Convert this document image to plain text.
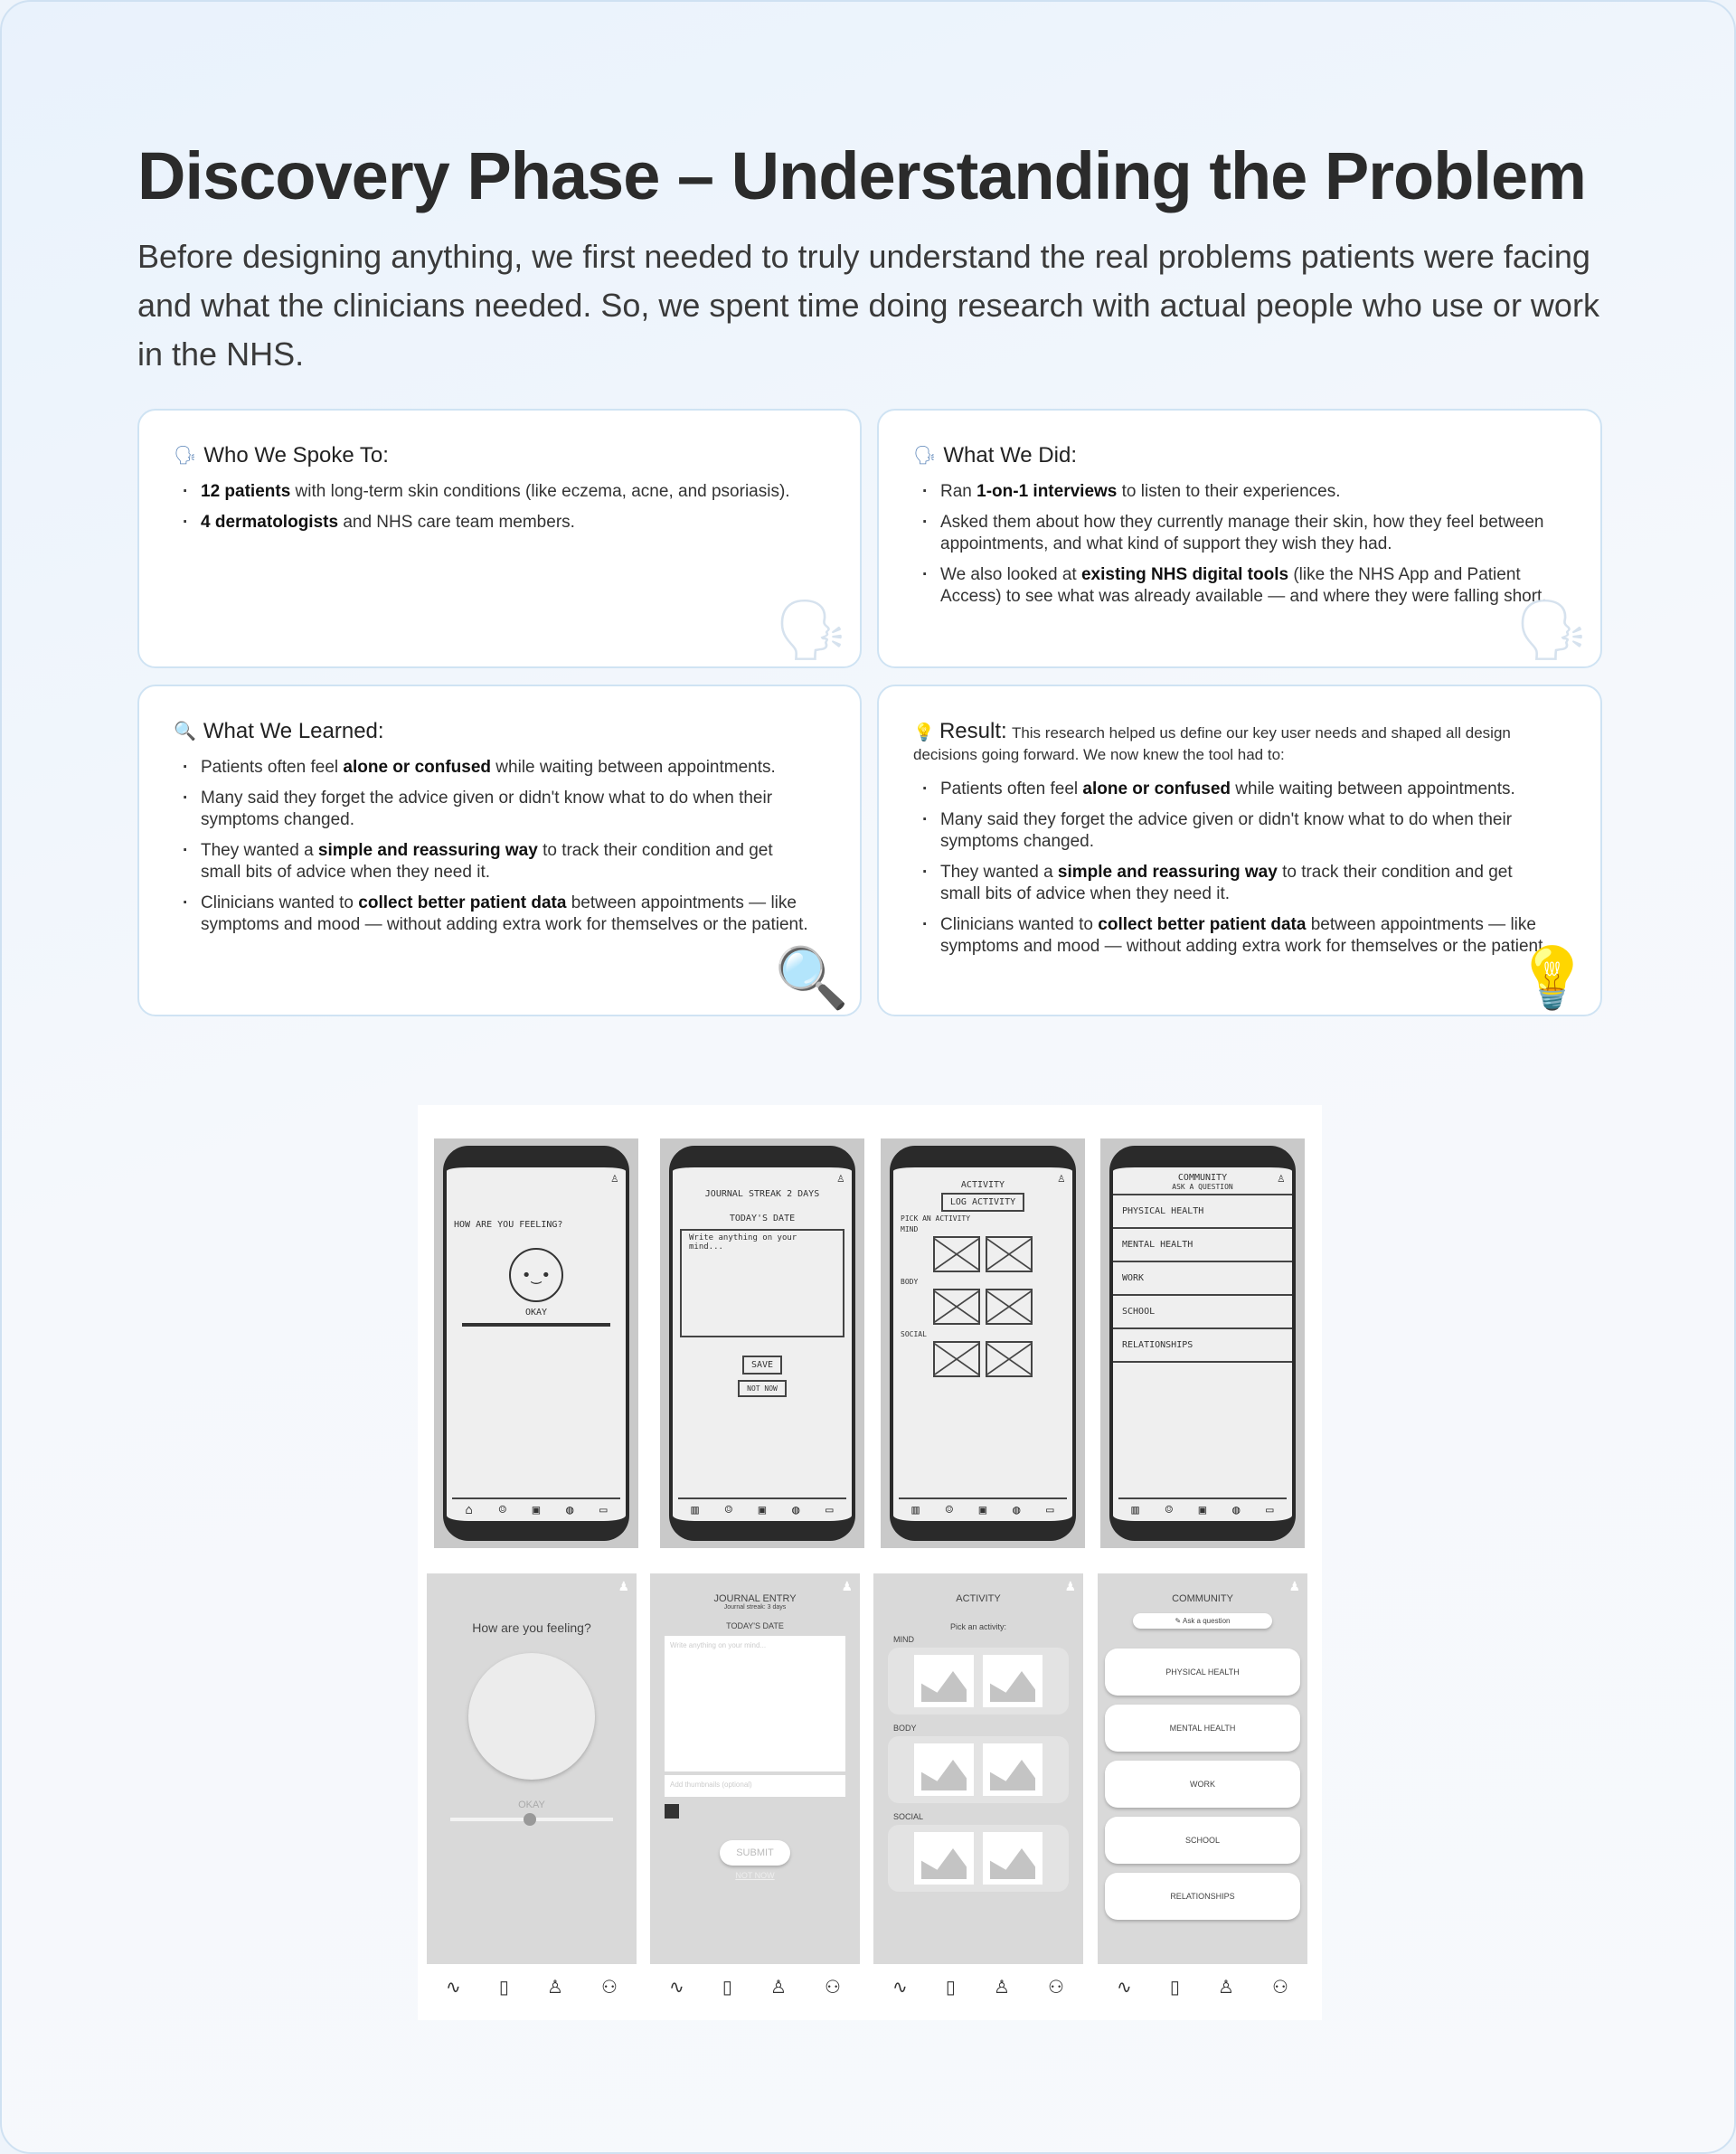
Discovery Phase – Understanding the Problem

Before designing anything, we first needed to truly understand the real problems patients were facing and what the clinicians needed. So, we spent time doing research with actual people who use or work in the NHS.

🗣 Who We Spoke To:
· 12 patients with long-term skin conditions (like eczema, acne, and psoriasis).
· 4 dermatologists and NHS care team members.
🗣
🗣 What We Did:
· Ran 1-on-1 interviews to listen to their experiences.
· Asked them about how they currently manage their skin, how they feel between appointments, and what kind of support they wish they had.
· We also looked at existing NHS digital tools (like the NHS App and Patient Access) to see what was already available — and where they were falling short.
🗣
🔍 What We Learned:
· Patients often feel alone or confused while waiting between appointments.
· Many said they forget the advice given or didn't know what to do when their symptoms changed.
· They wanted a simple and reassuring way to track their condition and get small bits of advice when they need it.
· Clinicians wanted to collect better patient data between appointments — like symptoms and mood — without adding extra work for themselves or the patient.
🔍

💡 Result: This research helped us define our key user needs and shaped all design decisions going forward. We now knew the tool had to:

· Patients often feel alone or confused while waiting between appointments.
· Many said they forget the advice given or didn't know what to do when their symptoms changed.
· They wanted a simple and reassuring way to track their condition and get small bits of advice when they need it.
· Clinicians wanted to collect better patient data between appointments — like symptoms and mood — without adding extra work for themselves or the patient.
💡
♙
HOW ARE YOU FEELING?
•‿•
OKAY
⌂ ☺ ▣ ◍ ▭
♙
JOURNAL STREAK 2 DAYS
TODAY'S DATE
Write anything on your mind...
SAVE
NOT NOW
▥ ☺ ▣ ◍ ▭
♙
ACTIVITY
LOG ACTIVITY
PICK AN ACTIVITY
MIND

BODY

SOCIAL

▥ ☺ ▣ ◍ ▭
♙
COMMUNITY
ASK A QUESTION
PHYSICAL HEALTH
MENTAL HEALTH
WORK
SCHOOL
RELATIONSHIPS
▥ ☺ ▣ ◍ ▭
♟
How are you feeling?
OKAY
∿ ▯ ♙ ⚇
♟
JOURNAL ENTRY
Journal streak: 3 days
TODAY'S DATE
Write anything on your mind...
Add thumbnails (optional)
SUBMIT
NOT NOW
∿ ▯ ♙ ⚇
♟
ACTIVITY
Pick an activity:
MIND
BODY
SOCIAL
∿ ▯ ♙ ⚇
♟
COMMUNITY
✎ Ask a question
PHYSICAL HEALTH
MENTAL HEALTH
WORK
SCHOOL
RELATIONSHIPS
∿ ▯ ♙ ⚇
